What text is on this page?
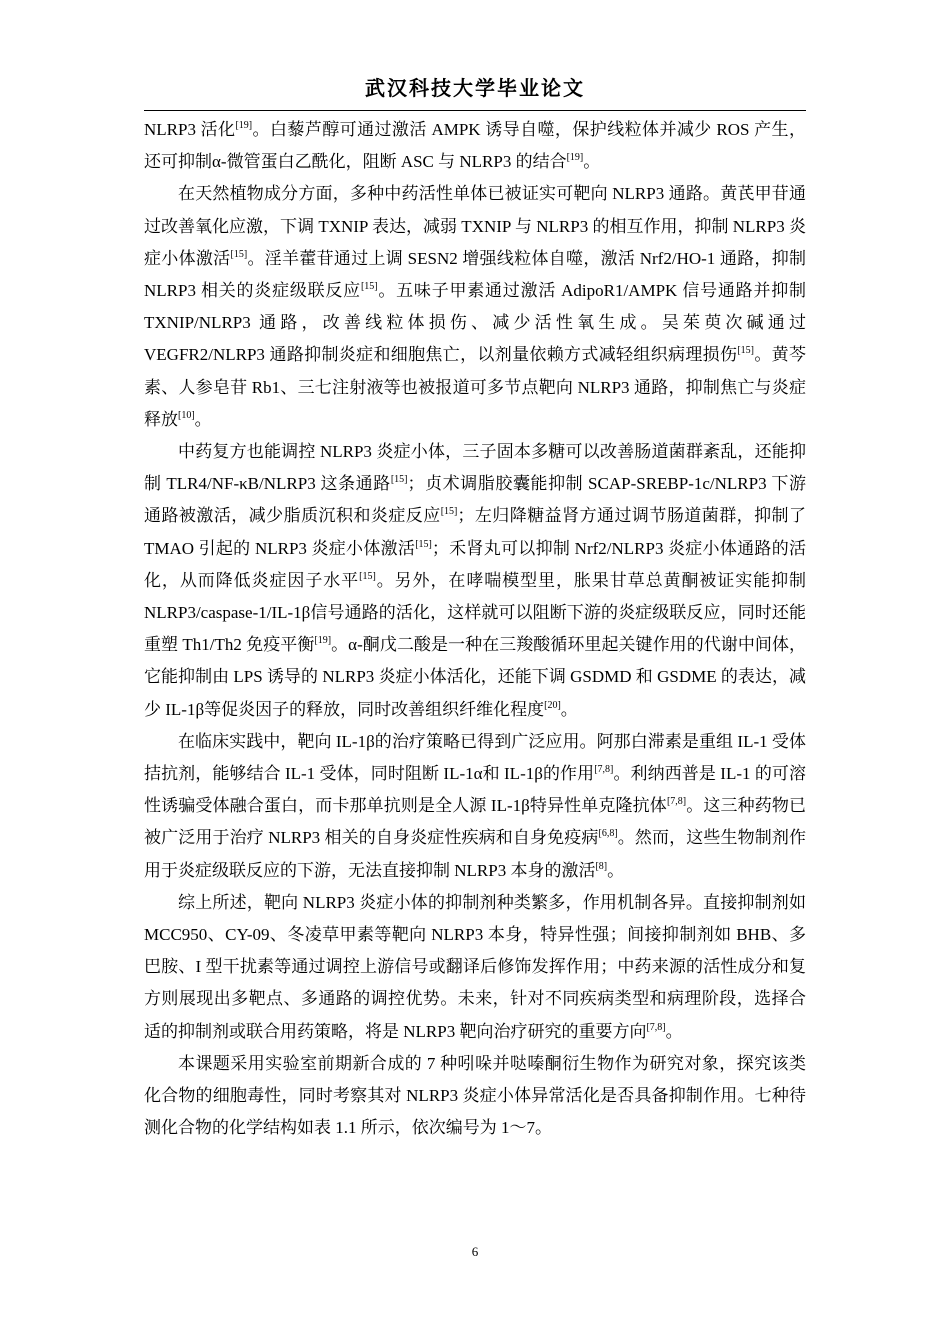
武汉科技大学毕业论文

NLRP3 活化[19]。白藜芦醇可通过激活 AMPK 诱导自噬，保护线粒体并减少 ROS 产生，还可抑制α-微管蛋白乙酰化，阻断 ASC 与 NLRP3 的结合[19]。

在天然植物成分方面，多种中药活性单体已被证实可靶向 NLRP3 通路。黄芪甲苷通过改善氧化应激，下调 TXNIP 表达，减弱 TXNIP 与 NLRP3 的相互作用，抑制 NLRP3 炎症小体激活[15]。淫羊藿苷通过上调 SESN2 增强线粒体自噬，激活 Nrf2/HO-1 通路，抑制 NLRP3 相关的炎症级联反应[15]。五味子甲素通过激活 AdipoR1/AMPK 信号通路并抑制 TXNIP/NLRP3 通路，改善线粒体损伤、减少活性氧生成。吴茱萸次碱通过 VEGFR2/NLRP3 通路抑制炎症和细胞焦亡，以剂量依赖方式减轻组织病理损伤[15]。黄芩素、人参皂苷 Rb1、三七注射液等也被报道可多节点靶向 NLRP3 通路，抑制焦亡与炎症释放[10]。

中药复方也能调控 NLRP3 炎症小体，三子固本多糖可以改善肠道菌群紊乱，还能抑制 TLR4/NF-κB/NLRP3 这条通路[15]；贞术调脂胶囊能抑制 SCAP-SREBP-1c/NLRP3 下游通路被激活，减少脂质沉积和炎症反应[15]；左归降糖益肾方通过调节肠道菌群，抑制了 TMAO 引起的 NLRP3 炎症小体激活[15]；禾肾丸可以抑制 Nrf2/NLRP3 炎症小体通路的活化，从而降低炎症因子水平[15]。另外，在哮喘模型里，胀果甘草总黄酮被证实能抑制 NLRP3/caspase-1/IL-1β信号通路的活化，这样就可以阻断下游的炎症级联反应，同时还能重塑 Th1/Th2 免疫平衡[19]。α-酮戊二酸是一种在三羧酸循环里起关键作用的代谢中间体，它能抑制由 LPS 诱导的 NLRP3 炎症小体活化，还能下调 GSDMD 和 GSDME 的表达，减少 IL-1β等促炎因子的释放，同时改善组织纤维化程度[20]。

在临床实践中，靶向 IL-1β的治疗策略已得到广泛应用。阿那白滞素是重组 IL-1 受体拮抗剂，能够结合 IL-1 受体，同时阻断 IL-1α和 IL-1β的作用[7,8]。利纳西普是 IL-1 的可溶性诱骗受体融合蛋白，而卡那单抗则是全人源 IL-1β特异性单克隆抗体[7,8]。这三种药物已被广泛用于治疗 NLRP3 相关的自身炎症性疾病和自身免疫病[6,8]。然而，这些生物制剂作用于炎症级联反应的下游，无法直接抑制 NLRP3 本身的激活[8]。

综上所述，靶向 NLRP3 炎症小体的抑制剂种类繁多，作用机制各异。直接抑制剂如 MCC950、CY-09、冬凌草甲素等靶向 NLRP3 本身，特异性强；间接抑制剂如 BHB、多巴胺、I 型干扰素等通过调控上游信号或翻译后修饰发挥作用；中药来源的活性成分和复方则展现出多靶点、多通路的调控优势。未来，针对不同疾病类型和病理阶段，选择合适的抑制剂或联合用药策略，将是 NLRP3 靶向治疗研究的重要方向[7,8]。

本课题采用实验室前期新合成的 7 种吲哚并哒嗪酮衍生物作为研究对象，探究该类化合物的细胞毒性，同时考察其对 NLRP3 炎症小体异常活化是否具备抑制作用。七种待测化合物的化学结构如表 1.1 所示，依次编号为 1～7。

6
